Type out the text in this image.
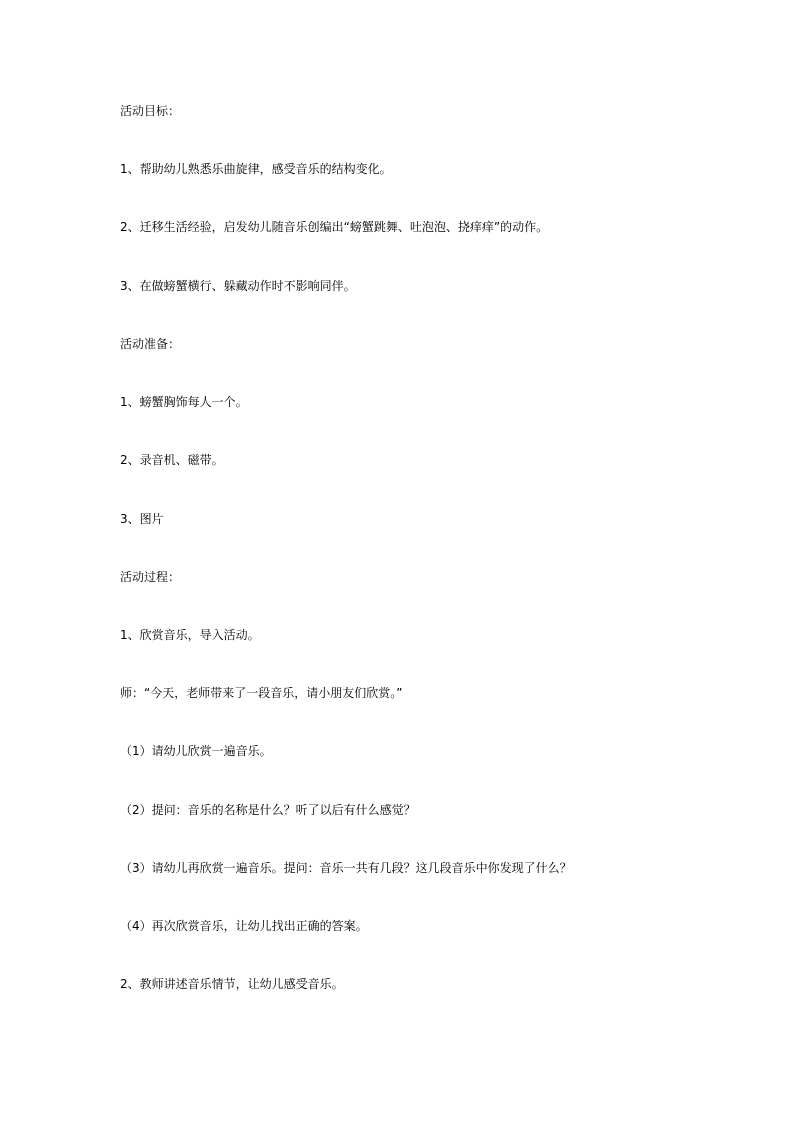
活动目标：
1、帮助幼儿熟悉乐曲旋律，感受音乐的结构变化。
2、迁移生活经验，启发幼儿随音乐创编出“螃蟹跳舞、吐泡泡、挠痒痒”的动作。
3、在做螃蟹横行、躲藏动作时不影响同伴。
活动准备：
1、螃蟹胸饰每人一个。
2、录音机、磁带。
3、图片
活动过程：
1、欣赏音乐，导入活动。
师：“今天，老师带来了一段音乐，请小朋友们欣赏。”
（1）请幼儿欣赏一遍音乐。
（2）提问：音乐的名称是什么？听了以后有什么感觉？
（3）请幼儿再欣赏一遍音乐。提问：音乐一共有几段？这几段音乐中你发现了什么？
（4）再次欣赏音乐，让幼儿找出正确的答案。
2、教师讲述音乐情节，让幼儿感受音乐。
